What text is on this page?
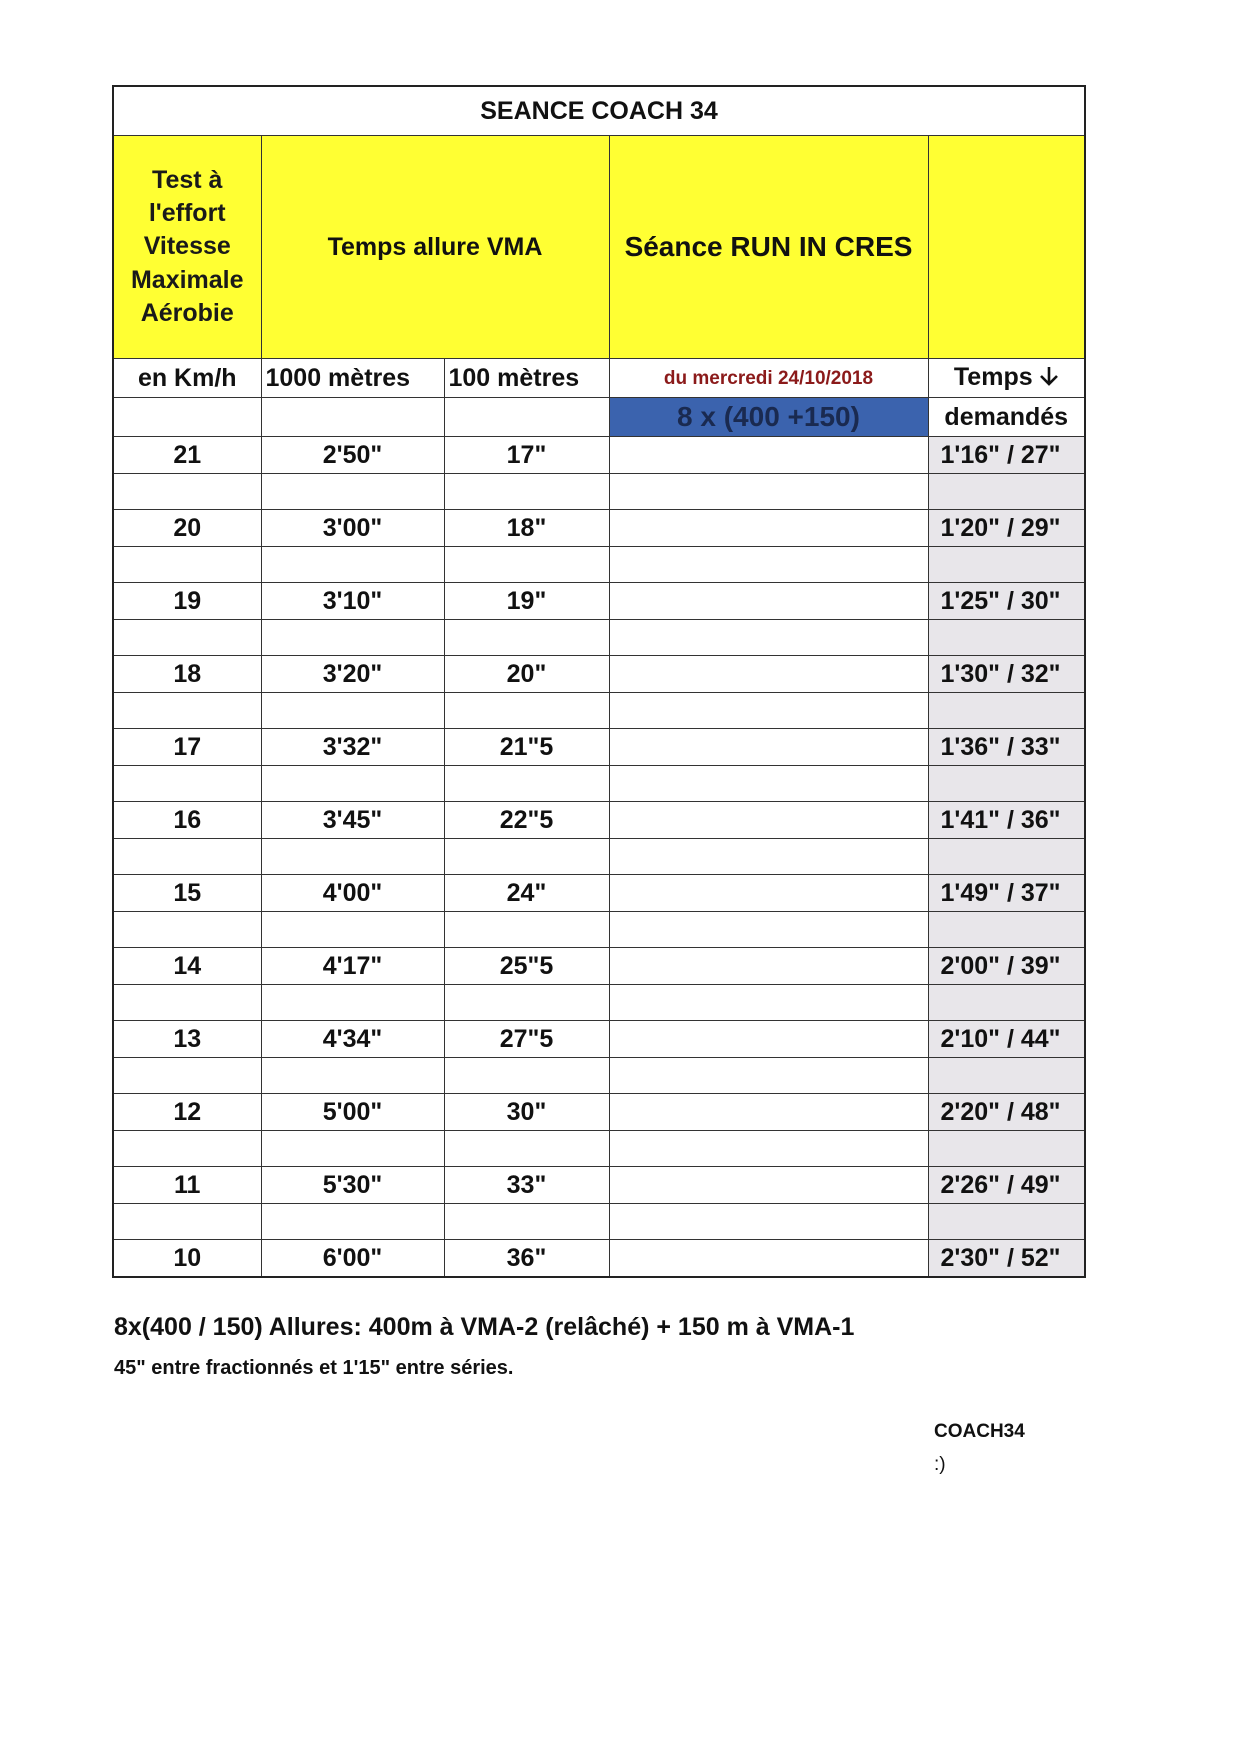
SEANCE COACH 34				
Test à l'effort Vitesse Maximale Aérobie	Temps allure VMA		Séance RUN IN CRES	
en Km/h	1000 mètres	100 mètres	du mercredi 24/10/2018	Temps
			8 x (400 +150)	demandés
21	2'50"	17"		1'16" / 27"

20	3'00"	18"		1'20" / 29"

19	3'10"	19"		1'25" / 30"

18	3'20"	20"		1'30" / 32"

17	3'32"	21"5		1'36" / 33"

16	3'45"	22"5		1'41" / 36"

15	4'00"	24"		1'49" / 37"

14	4'17"	25"5		2'00" / 39"

13	4'34"	27"5		2'10" / 44"

12	5'00"	30"		2'20" / 48"

11	5'30"	33"		2'26" / 49"

10	6'00"	36"		2'30" / 52"
8x(400 / 150) Allures: 400m à VMA-2 (relâché) + 150 m à VMA-1
45" entre fractionnés et 1'15" entre séries.
COACH34
:)
